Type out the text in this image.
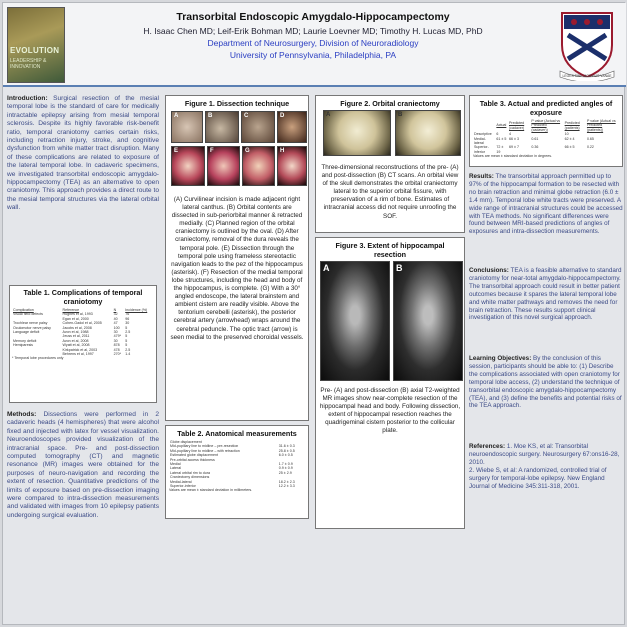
EVOLUTION
LEADERSHIP & INNOVATION
Transorbital Endoscopic Amygdalo-Hippocampectomy
H. Isaac Chen MD; Leif-Erik Bohman MD; Laurie Loevner MD; Timothy H. Lucas MD, PhD
Department of Neurosurgery, Division of Neuroradiology
University of Pennsylvania, Philadelphia, PA
LEGES SINE MORIBUS VANAE

Introduction: Surgical resection of the mesial temporal lobe is the standard of care for medically intractable epilepsy arising from mesial temporal sclerosis. Despite its highly favorable risk-benefit ratio, temporal craniotomy carries certain risks, including retraction injury, stroke, and cognitive dysfunction from white matter tract disruption. Many of these complications are related to exposure of the lateral temporal lobe. In cadaveric specimens, we investigated transorbital endoscopic amygdalo-hippocampectomy (TEA) as an alternative to open craniotomy. This approach provides a direct route to the mesial temporal structures via the lateral orbital wall.

Table 1. Complications of temporal craniotomy
Complication	Reference	N	Incidence (%)
Visual field defects	Hughes et al, 1993	32	76
	Egan et al, 2000	40	96
Trochlear nerve palsy	Cohen-Gadol et al, 2005	47	30
Oculomotor nerve palsy	Jacobs et al, 2008	100	5
Language deficit	Avon et al, 1988	30	2.5
	Jeuss et al, 2011	479*	5
Memory deficit	Avon et al, 2008	30	5
Hemiparesis	Wyatt et al, 2008	878	5
	Kirkpatrick et al, 2003	478	2.5
	Behrens et al, 1997	270*	1.4
* Temporal lobe procedures only

Methods: Dissections were performed in 2 cadaveric heads (4 hemispheres) that were alcohol fixed and injected with latex for vessel visualization. Neuroendoscopes provided visualization of the intracranial space. Pre- and post-dissection computed tomography (CT) and magnetic resonance (MR) images were obtained for the purposes of neuro-navigation and recording the extent of resection. Quantitative predictions of the limits of exposure based on pre-dissection imaging were compared to intra-dissection measurements and validated with images from 10 epilepsy patients undergoing surgical evaluation.

Figure 1. Dissection technique
A	B	C	D
E	F	G	H

(A) Curvilinear incision is made adjacent right lateral canthus. (B) Orbital contents are dissected in sub-periorbital manner & retracted medially. (C) Planned region of the orbital craniectomy is outlined by the oval. (D) After craniectomy, removal of the dura reveals the temporal pole. (E) Dissection through the temporal pole using frameless stereotactic navigation leads to the pez of the hippocampus (asterisk). (F) Resection of the medial temporal lobe structures, including the head and body of the hippocampus, is complete. (G) With a 30° angled endoscope, the lateral brainstem and ambient cistern are readily visible. Above the tentorium cerebelli (asterisk), the posterior cerebral artery (arrowhead) wraps around the cerebral peduncle. The optic tract (arrow) is seen medial to the preserved choroidal vessels.

Table 2. Anatomical measurements
Globe displacement	
Mid-pupillary line to midline – pre-resection	31.6 ± 0.3
Mid-pupillary line to midline – with retraction	25.8 ± 0.5
Estimated globe displacement	6.0 ± 0.5
Pre-orbital access thickness	
Medial	1.7 ± 0.9
Lateral	0.9 ± 0.9
Lateral orbital rim to dura	25 ± 2.9
Craniectomy dimensions	
Medial-lateral	18.2 ± 2.3
Superior-inferior	12.2 ± 3.3
Values are mean ± standard deviation in millimeters.
Figure 2. Orbital craniectomy
A	B

Three-dimensional reconstructions of the pre- (A) and post-dissection (B) CT scans. An orbital view of the skull demonstrates the orbital craniectomy lateral to the superior orbital fissure, with preservation of a rim of bone. Estimates of intracranial access did not require unroofing the SOF.

Figure 3. Extent of hippocampal resection
A	B

Pre- (A) and post-dissection (B) axial T2-weighted MR images show near-complete resection of the hippocampal head and body. Following dissection, extent of hippocampal resection reaches the quadrigeminal cistern posterior to the collicular plate.

Table 3. Actual and predicted angles of exposure
	Actual	Predicted (cadaver)	P value (Actual vs Predicted (cadaver))	Predicted (patients)	P value (Actual vs Predicted (patients))
Descriptive	6	4		10	
Medial-lateral	61 ± 5	66 ± 3	0.61	62 ± 4	0.65
Superior-inferior	72 ± 19	69 ± 7	0.36	66 ± 5	0.22
Values are mean ± standard deviation in degrees.

Results: The transorbital approach permitted up to 97% of the hippocampal formation to be resected with no brain retraction and minimal globe retraction (6.0 ± 1.4 mm). Temporal lobe white tracts were preserved. A wide range of intracranial structures could be accessed with TEA methods. No significant differences were found between MRI-based predictions of angles of exposures and intra-dissection measurements.

Conclusions: TEA is a feasible alternative to standard craniotomy for near-total amygdalo-hippocampectomy. The transorbital approach could result in better patient outcomes because it spares the lateral temporal lobe and white matter pathways and removes the need for brain retraction. These results support clinical investigation of this novel surgical approach.

Learning Objectives: By the conclusion of this session, participants should be able to: (1) Describe the complications associated with open craniotomy for temporal lobe access, (2) understand the technique of transorbital endoscopic amygdalo-hippocampectomy (TEA), and (3) define the benefits and potential risks of the TEA approach.

References: 1. Moe KS, et al: Transorbital neuroendoscopic surgery. Neurosurgery 67:ons16-28, 2010.
2. Wiebe S, et al: A randomized, controlled trial of surgery for temporal-lobe epilepsy. New England Journal of Medicine 345:311-318, 2001.
